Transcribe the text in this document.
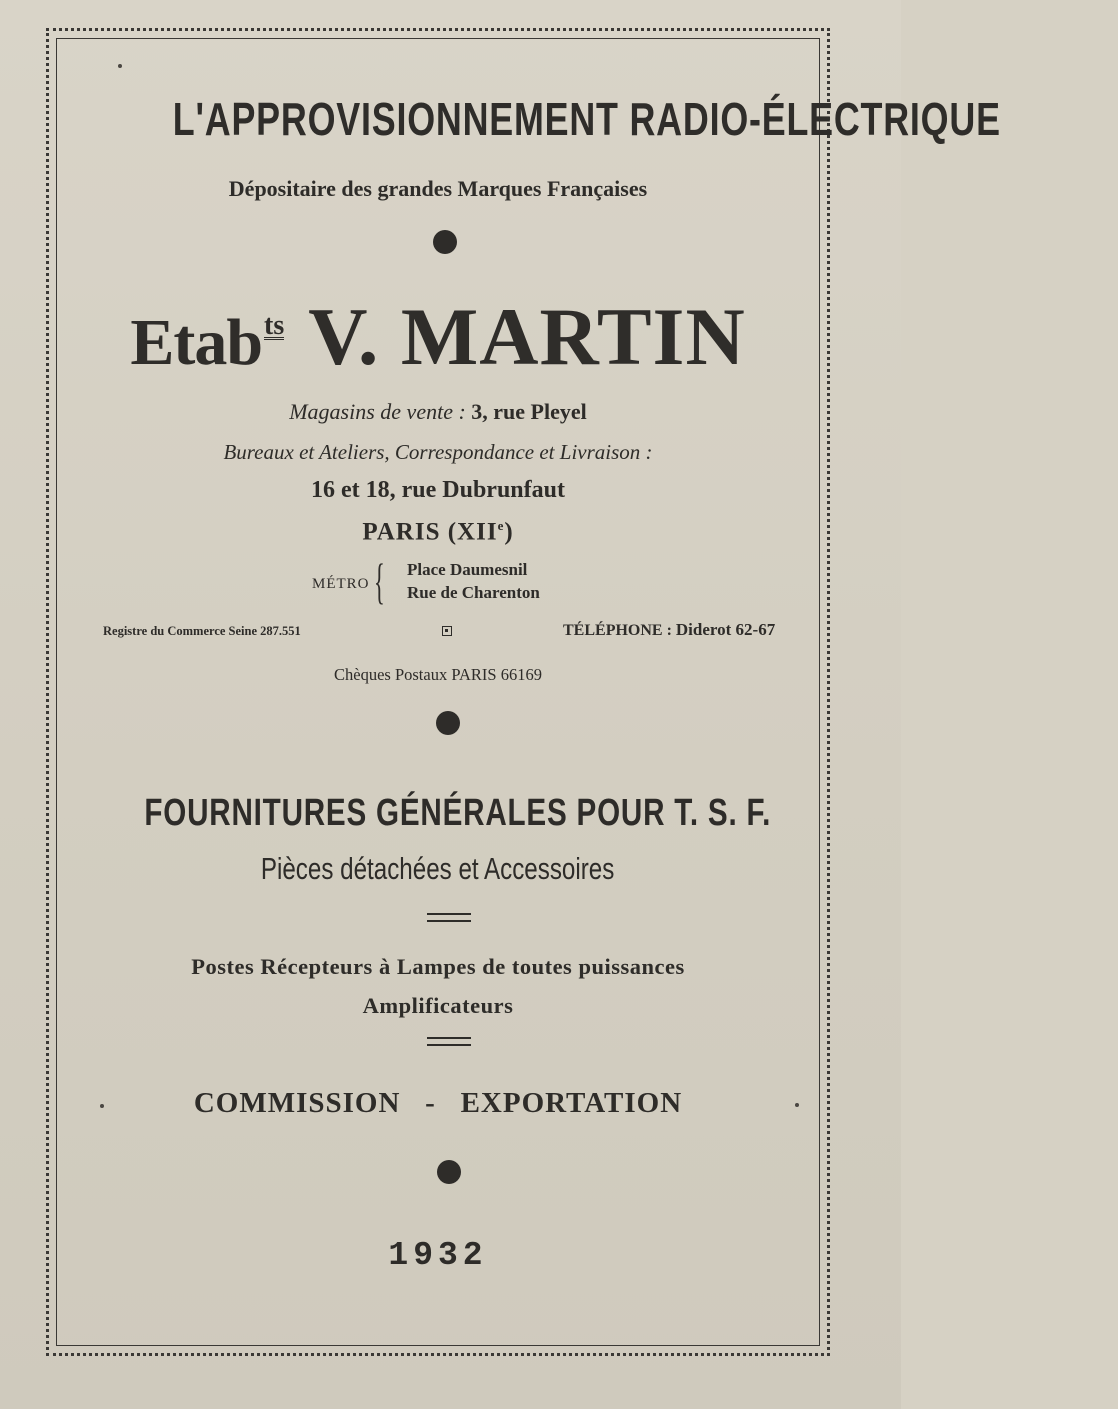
L'APPROVISIONNEMENT RADIO-ÉLECTRIQUE
Dépositaire des grandes Marques Françaises
Etabts V. MARTIN
Magasins de vente : 3, rue Pleyel
Bureaux et Ateliers, Correspondance et Livraison :
16 et 18, rue Dubrunfaut
PARIS (XIIe)
MÉTRO { Place Daumesnil
Rue de Charenton
Registre du Commerce Seine 287.551	TÉLÉPHONE : Diderot 62-67
Chèques Postaux PARIS 66169
FOURNITURES GÉNÉRALES POUR T. S. F.
Pièces détachées et Accessoires
Postes Récepteurs à Lampes de toutes puissances
Amplificateurs
COMMISSION - EXPORTATION
1932
